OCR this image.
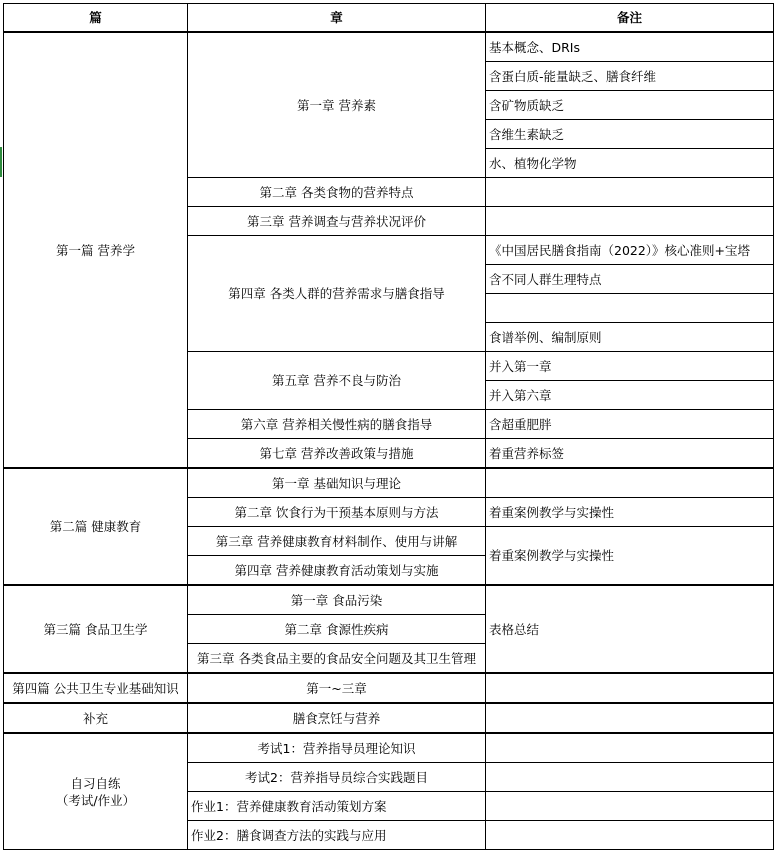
篇	章	备注
第一篇 营养学	第一章 营养素	基本概念、DRIs
		含蛋白质-能量缺乏、膳食纤维
		含矿物质缺乏
		含维生素缺乏
		水、植物化学物
	第二章 各类食物的营养特点	
	第三章 营养调查与营养状况评价	
	第四章 各类人群的营养需求与膳食指导	《中国居民膳食指南（2022）》核心准则+宝塔
		含不同人群生理特点

		食谱举例、编制原则
	第五章 营养不良与防治	并入第一章
		并入第六章
	第六章 营养相关慢性病的膳食指导	含超重肥胖
	第七章 营养改善政策与措施	着重营养标签
第二篇 健康教育	第一章 基础知识与理论	
	第二章 饮食行为干预基本原则与方法	着重案例教学与实操性
	第三章 营养健康教育材料制作、使用与讲解	着重案例教学与实操性
	第四章 营养健康教育活动策划与实施	
第三篇 食品卫生学	第一章 食品污染	表格总结
	第二章 食源性疾病	
	第三章 各类食品主要的食品安全问题及其卫生管理	
第四篇 公共卫生专业基础知识	第一~三章	
补充	膳食烹饪与营养	

自习自练
（考试/作业）	考试1：营养指导员理论知识	
	考试2：营养指导员综合实践题目	
	作业1：营养健康教育活动策划方案	
	作业2：膳食调查方法的实践与应用	
